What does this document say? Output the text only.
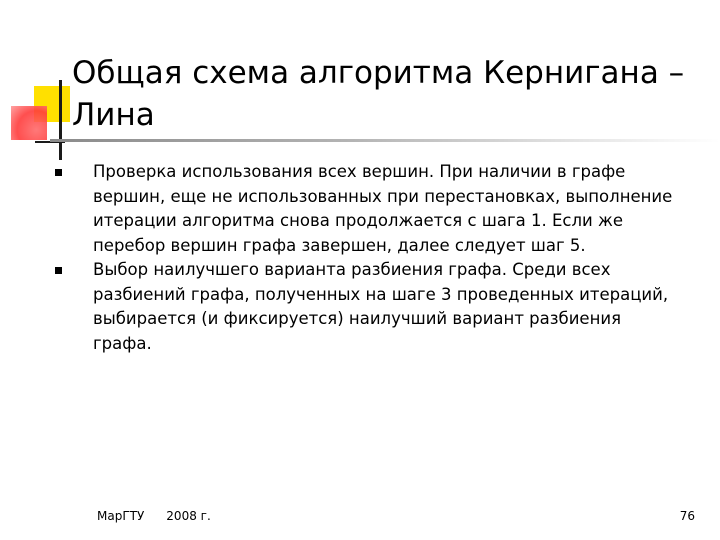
Общая схема алгоритма Кернигана – Лина
Проверка использования всех вершин. При наличии в графе вершин, еще не использованных при перестановках, выполнение итерации алгоритма снова продолжается с шага 1. Если же перебор вершин графа завершен, далее следует шаг 5.
Выбор наилучшего варианта разбиения графа. Среди всех разбиений графа, полученных на шаге 3 проведенных итераций, выбирается (и фиксируется) наилучший вариант разбиения графа.
МарГТУ 2008 г.	76
